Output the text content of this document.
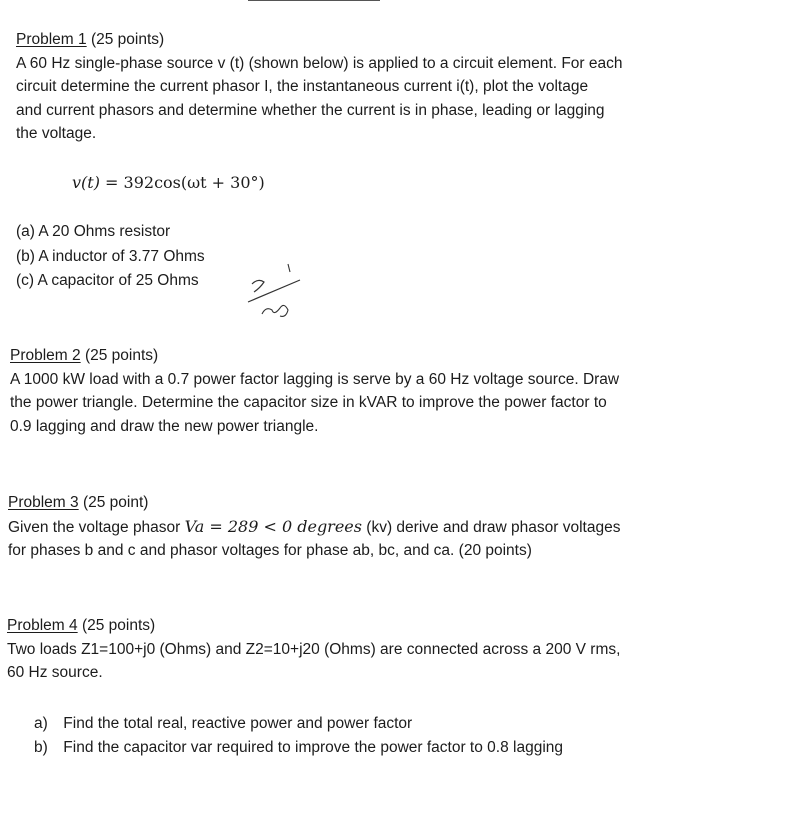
Problem 1 (25 points)
A 60 Hz single-phase source v (t) (shown below) is applied to a circuit element. For each
circuit determine the current phasor I, the instantaneous current i(t), plot the voltage
and current phasors and determine whether the current is in phase, leading or lagging
the voltage.
v(t) = 392cos(ωt + 30°)
(a) A 20 Ohms resistor
(b) A inductor of 3.77 Ohms
(c) A capacitor of 25 Ohms
Problem 2 (25 points)
A 1000 kW load with a 0.7 power factor lagging is serve by a 60 Hz voltage source. Draw
the power triangle. Determine the capacitor size in kVAR to improve the power factor to
0.9 lagging and draw the new power triangle.
Problem 3 (25 point)
Given the voltage phasor Va = 289 < 0 degrees (kv) derive and draw phasor voltages
for phases b and c and phasor voltages for phase ab, bc, and ca. (20 points)
Problem 4 (25 points)
Two loads Z1=100+j0 (Ohms) and Z2=10+j20 (Ohms) are connected across a 200 V rms,
60 Hz source.
a) Find the total real, reactive power and power factor
b) Find the capacitor var required to improve the power factor to 0.8 lagging
